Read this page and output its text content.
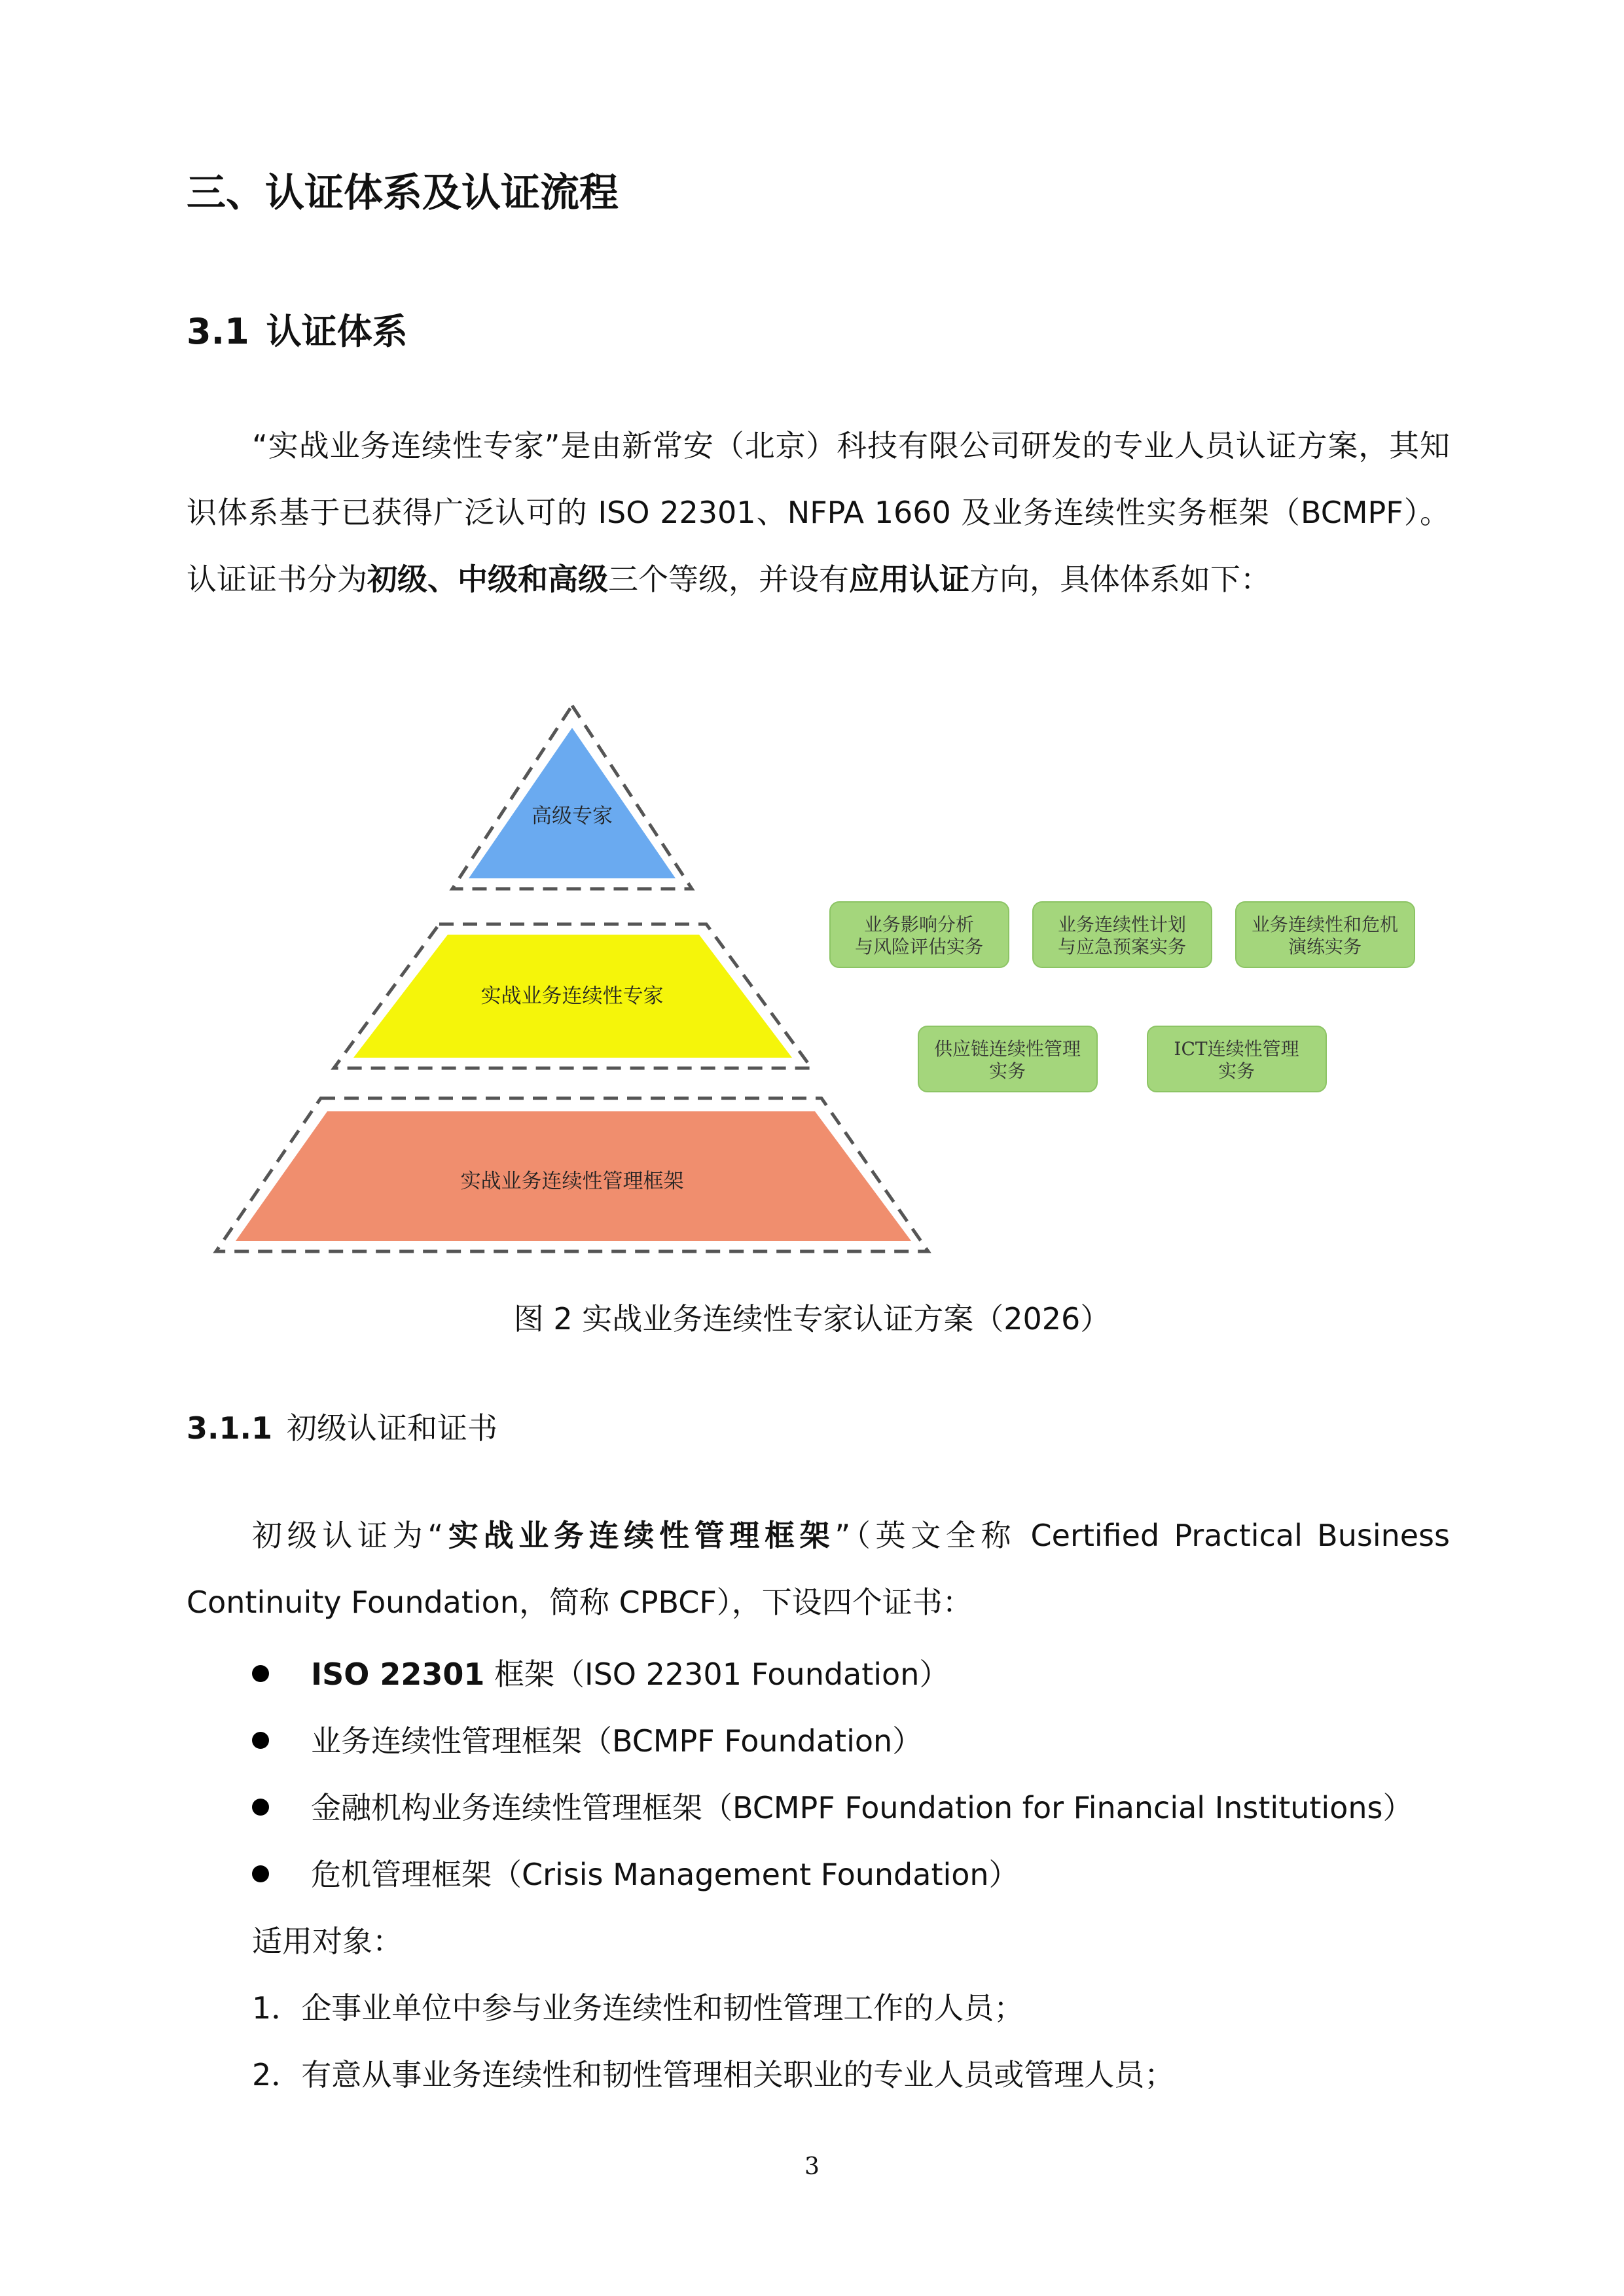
三、认证体系及认证流程
3.1 认证体系

“实战业务连续性专家”是由新常安（北京）科技有限公司研发的专业人员认证方案，其知识体系基于已获得广泛认可的 ISO 22301、NFPA 1660 及业务连续性实务框架（BCMPF）。认证证书分为初级、中级和高级三个等级，并设有应用认证方向，具体体系如下：

高级专家
实战业务连续性专家
实战业务连续性管理框架
业务影响分析
与风险评估实务
业务连续性计划
与应急预案实务
业务连续性和危机
演练实务
供应链连续性管理
实务
ICT连续性管理
实务
图 2 实战业务连续性专家认证方案（2026）
3.1.1 初级认证和证书

初级认证为“实战业务连续性管理框架”（英文全称 Certified Practical Business Continuity Foundation，简称 CPBCF），下设四个证书：

ISO 22301 框架（ISO 22301 Foundation）
业务连续性管理框架（BCMPF Foundation）
金融机构业务连续性管理框架（BCMPF Foundation for Financial Institutions）
危机管理框架（Crisis Management Foundation）
适用对象：
1．企事业单位中参与业务连续性和韧性管理工作的人员；
2．有意从事业务连续性和韧性管理相关职业的专业人员或管理人员；
3
